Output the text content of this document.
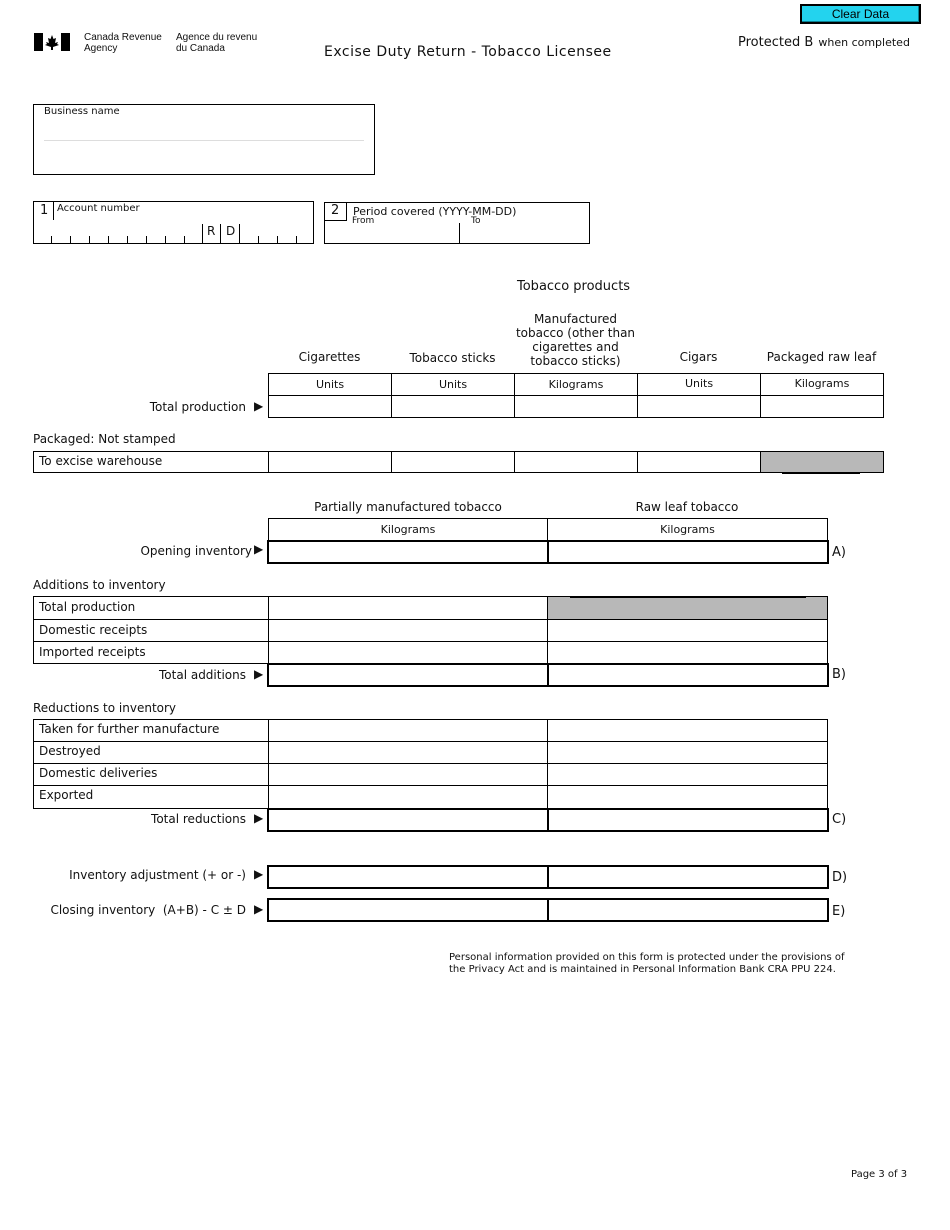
Clear Data
Canada Revenue
Agency
Agence du revenu
du Canada	Excise Duty Return - Tobacco Licensee
Protected B when completed
Business name
1 Account number
R D
2 Period covered (YYYY-MM-DD)
From	To
Tobacco products
Cigarettes	Tobacco sticks
Manufactured
tobacco (other than
cigarettes and
tobacco sticks)	Cigars	Packaged raw leaf
Units	Units	Kilograms	Units	Kilograms
Total production ▶
Packaged: Not stamped
To excise warehouse
Partially manufactured tobacco	Raw leaf tobacco
Kilograms	Kilograms
Opening inventory ▶	A)
Additions to inventory
Total production
Domestic receipts
Imported receipts
Total additions ▶	B)
Reductions to inventory
Taken for further manufacture
Destroyed
Domestic deliveries
Exported
Total reductions ▶	C)
Inventory adjustment (+ or -) ▶	D)
Closing inventory  (A+B) - C ± D ▶	E)
Personal information provided on this form is protected under the provisions of the Privacy Act and is maintained in Personal Information Bank CRA PPU 224.
Page 3 of 3
